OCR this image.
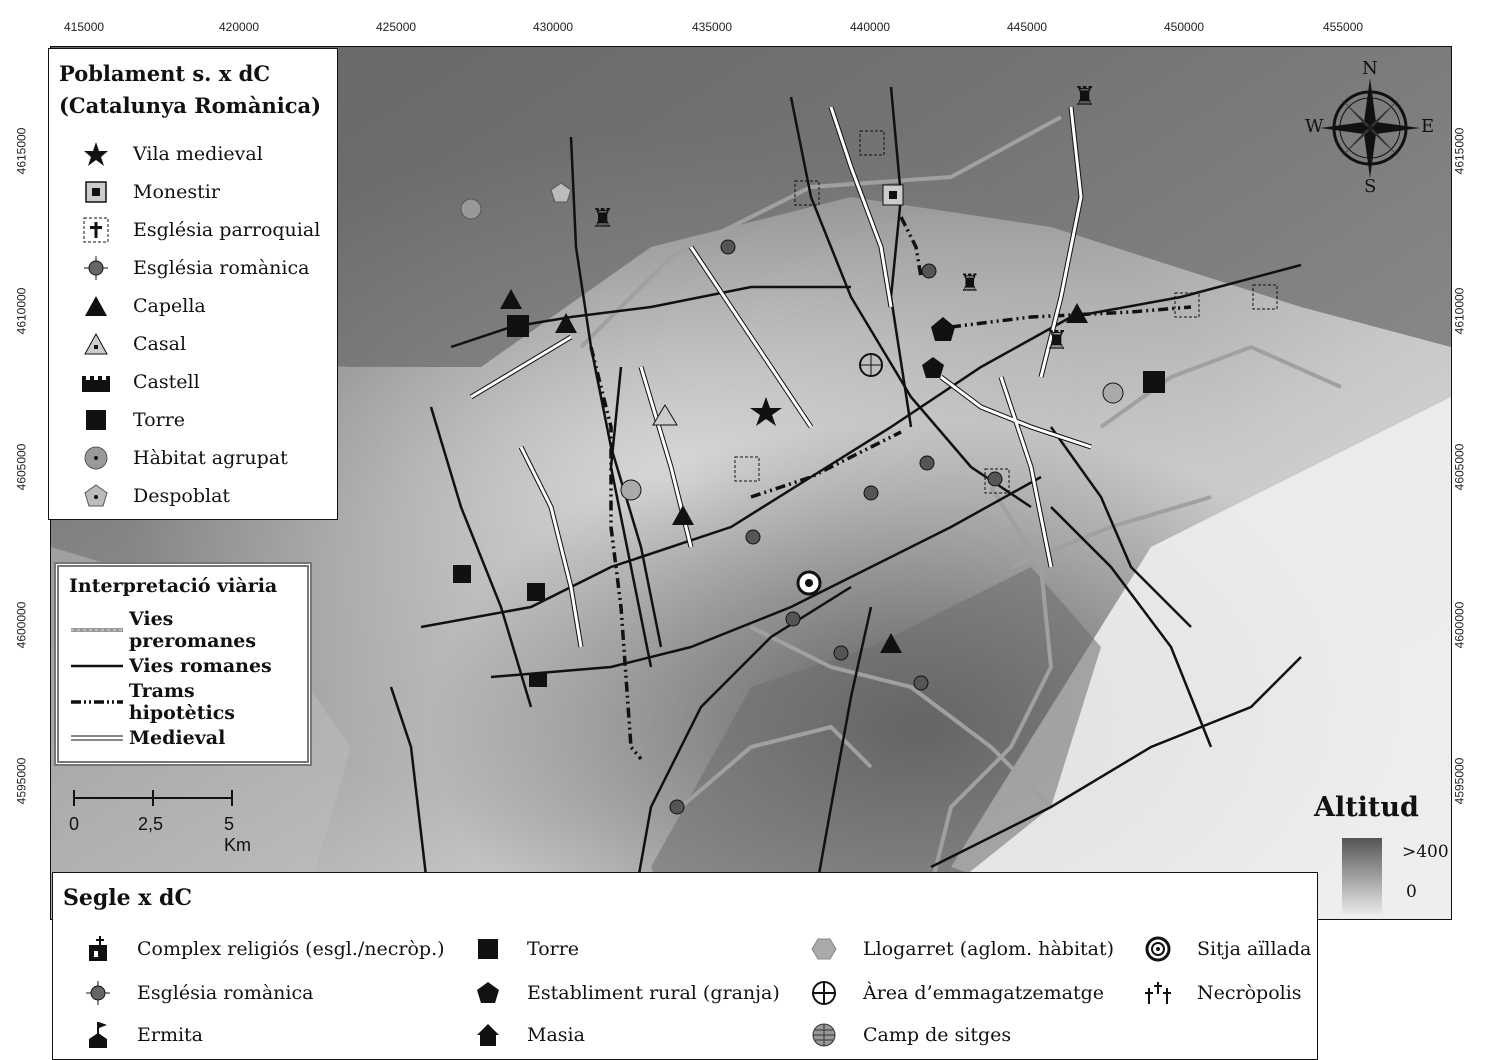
415000	420000	425000	430000	435000	440000	445000	450000	455000
4615000
4610000
4605000
4600000
4595000
4615000
4610000
4605000
4600000
4595000
♜
♜
♜
♜
N
S
W	E
Poblament s. x dC
(Catalunya Romànica)
Vila medieval
Monestir
Església parroquial
Església romànica
Capella
Casal
Castell
Torre
Hàbitat agrupat
Despoblat
Interpretació viària
Vies preromanes
Vies romanes
Trams hipotètics
Medieval
0	2,5	5 Km
Altitud
>400
0
Segle x dC
Complex religiós (esgl./necròp.)
Església romànica
Ermita
Torre
Establiment rural (granja)
Masia
Llogarret (aglom. hàbitat)
Àrea d’emmagatzematge
Camp de sitges
Sitja aïllada
Necròpolis
